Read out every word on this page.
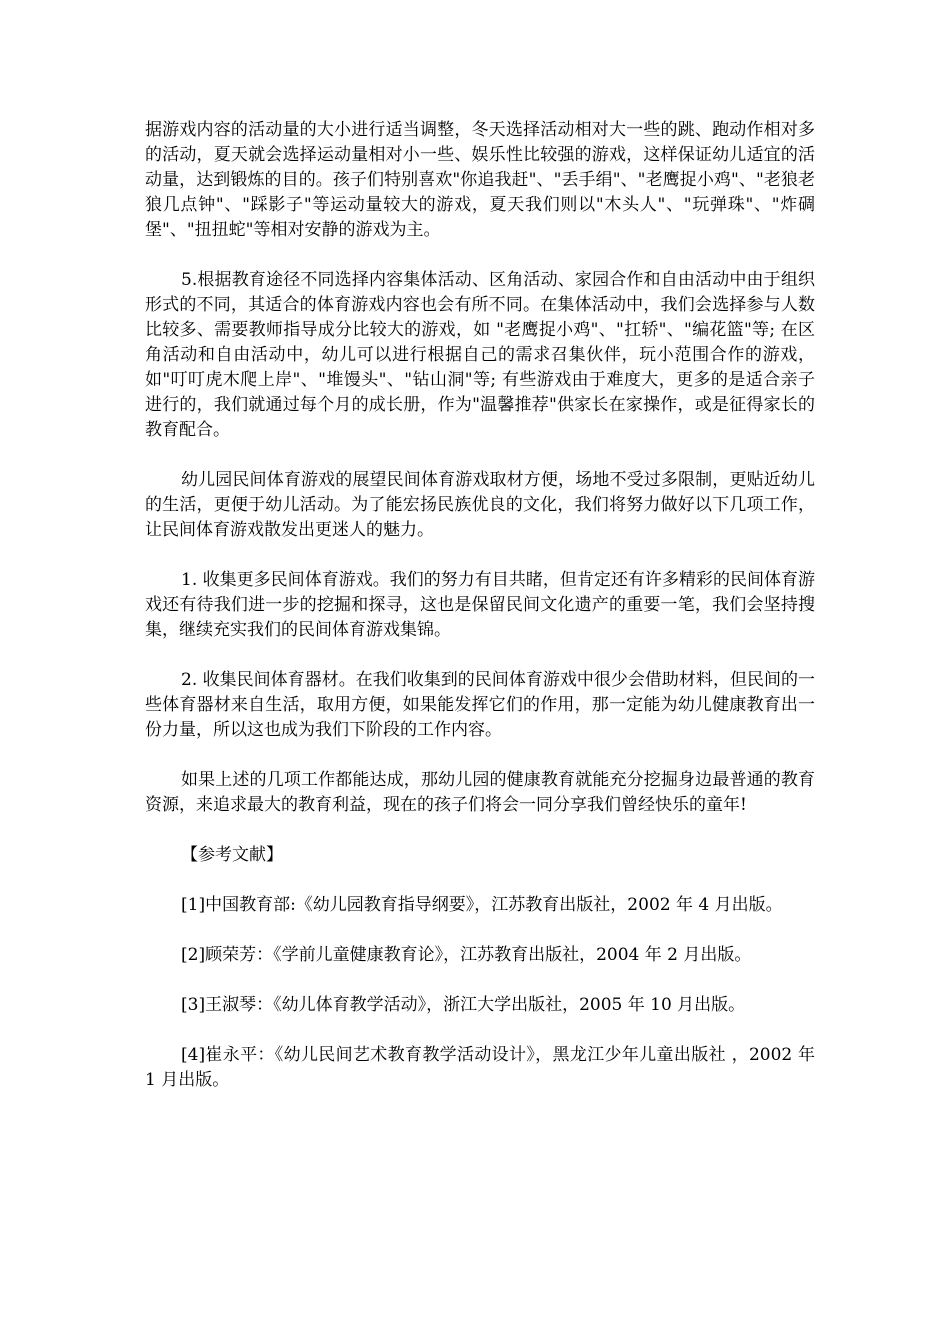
据游戏内容的活动量的大小进行适当调整，冬天选择活动相对大一些的跳、跑动作相对多的活动，夏天就会选择运动量相对小一些、娱乐性比较强的游戏，这样保证幼儿适宜的活动量，达到锻炼的目的。孩子们特别喜欢"你追我赶"、"丢手绢"、"老鹰捉小鸡"、"老狼老狼几点钟"、"踩影子"等运动量较大的游戏，夏天我们则以"木头人"、"玩弹珠"、"炸碉堡"、"扭扭蛇"等相对安静的游戏为主。

5.根据教育途径不同选择内容集体活动、区角活动、家园合作和自由活动中由于组织形式的不同，其适合的体育游戏内容也会有所不同。在集体活动中，我们会选择参与人数比较多、需要教师指导成分比较大的游戏，如 "老鹰捉小鸡"、"扛轿"、"编花篮"等; 在区角活动和自由活动中，幼儿可以进行根据自己的需求召集伙伴，玩小范围合作的游戏，如"叮叮虎木爬上岸"、"堆馒头"、"钻山洞"等; 有些游戏由于难度大，更多的是适合亲子进行的，我们就通过每个月的成长册，作为"温馨推荐"供家长在家操作，或是征得家长的教育配合。

幼儿园民间体育游戏的展望民间体育游戏取材方便，场地不受过多限制，更贴近幼儿的生活，更便于幼儿活动。为了能宏扬民族优良的文化，我们将努力做好以下几项工作，让民间体育游戏散发出更迷人的魅力。

1. 收集更多民间体育游戏。我们的努力有目共睹，但肯定还有许多精彩的民间体育游戏还有待我们进一步的挖掘和探寻，这也是保留民间文化遗产的重要一笔，我们会坚持搜集，继续充实我们的民间体育游戏集锦。

2. 收集民间体育器材。在我们收集到的民间体育游戏中很少会借助材料，但民间的一些体育器材来自生活，取用方便，如果能发挥它们的作用，那一定能为幼儿健康教育出一份力量，所以这也成为我们下阶段的工作内容。

如果上述的几项工作都能达成，那幼儿园的健康教育就能充分挖掘身边最普通的教育资源，来追求最大的教育利益，现在的孩子们将会一同分享我们曾经快乐的童年!

【参考文献】

[1]中国教育部:《幼儿园教育指导纲要》，江苏教育出版社，2002 年 4 月出版。

[2]顾荣芳：《学前儿童健康教育论》，江苏教育出版社，2004 年 2 月出版。

[3]王淑琴：《幼儿体育教学活动》，浙江大学出版社，2005 年 10 月出版。

[4]崔永平：《幼儿民间艺术教育教学活动设计》，黑龙江少年儿童出版社 ，2002 年 1 月出版。
